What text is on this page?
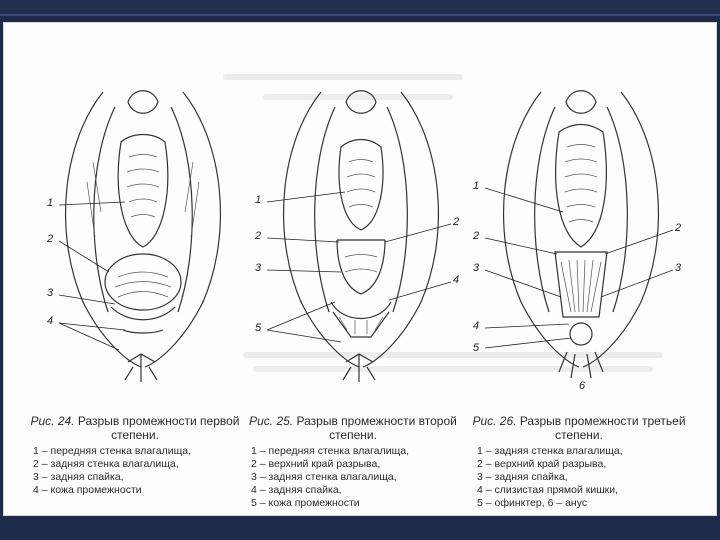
1
2
3
4
1
2
2
3
4
5
1
2
2
3	3
4
5
6
Рис. 24. Разрыв промежности первой степени.
1 – передняя стенка влагалища,
2 – задняя стенка влагалища,
3 – задняя спайка,
4 – кожа промежности
Рис. 25. Разрыв промежности второй степени.
1 – передняя стенка влагалища,
2 – верхний край разрыва,
3 – задняя стенка влагалища,
4 – задняя спайка,
5 – кожа промежности
Рис. 26. Разрыв промежности третьей степени.
1 – задняя стенка влагалища,
2 – верхний край разрыва,
3 – задняя спайка,
4 – слизистая прямой кишки,
5 – офинктер, 6 – анус
